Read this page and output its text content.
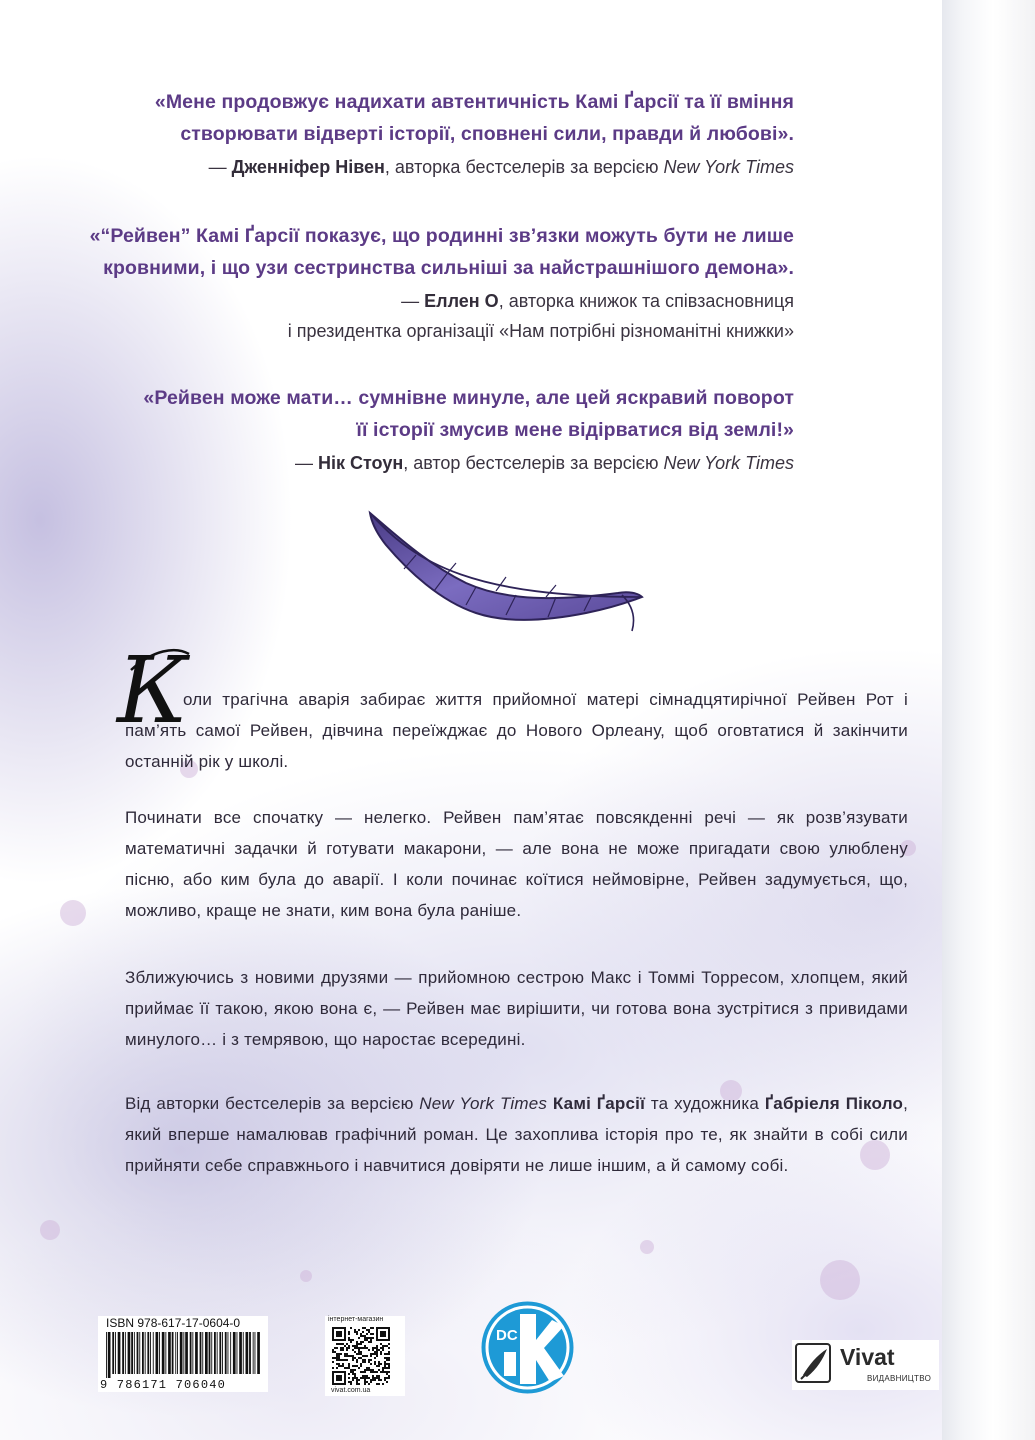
«Мене продовжує надихати автентичність Камі Ґарсії та її вміння
створювати відверті історії, сповнені сили, правди й любові».
— Дженніфер Нівен, авторка бестселерів за версією New York Times
«“Рейвен” Камі Ґарсії показує, що родинні зв’язки можуть бути не лише
кровними, і що узи сестринства сильніші за найстрашнішого демона».
— Еллен О, авторка книжок та співзасновниця
і президентка організації «Нам потрібні різноманітні книжки»
«Рейвен може мати… сумнівне минуле, але цей яскравий поворот
її історії змусив мене відірватися від землі!»
— Нік Стоун, автор бестселерів за версією New York Times
К
оли трагічна аварія забирає життя прийомної матері сімнадцятирічної Рейвен Рот і пам’ять самої Рейвен, дівчина переїжджає до Нового Орлеану, щоб оговтатися й закінчити останній рік у школі.
Починати все спочатку — нелегко. Рейвен пам’ятає повсякденні речі — як розв’язувати математичні задачки й готувати макарони, — але вона не може пригадати свою улюблену пісню, або ким була до аварії. І коли починає коїтися неймовірне, Рейвен задумується, що, можливо, краще не знати, ким вона була раніше.
Зближуючись з новими друзями — прийомною сестрою Макс і Томмі Торресом, хлопцем, який приймає її такою, якою вона є, — Рейвен має вирішити, чи готова вона зустрітися з привидами минулого… і з темрявою, що наростає всередині.
Від авторки бестселерів за версією New York Times Камі Ґарсії та художника Ґабріеля Піколо, який вперше намалював графічний роман. Це захоплива історія про те, як знайти в собі сили прийняти себе справжнього і навчитися довіряти не лише іншим, а й самому собі.
ISBN 978-617-17-0604-0
9 786171 706040
інтернет-магазин
vivat.com.ua
DC
Vivat
ВИДАВНИЦТВО
